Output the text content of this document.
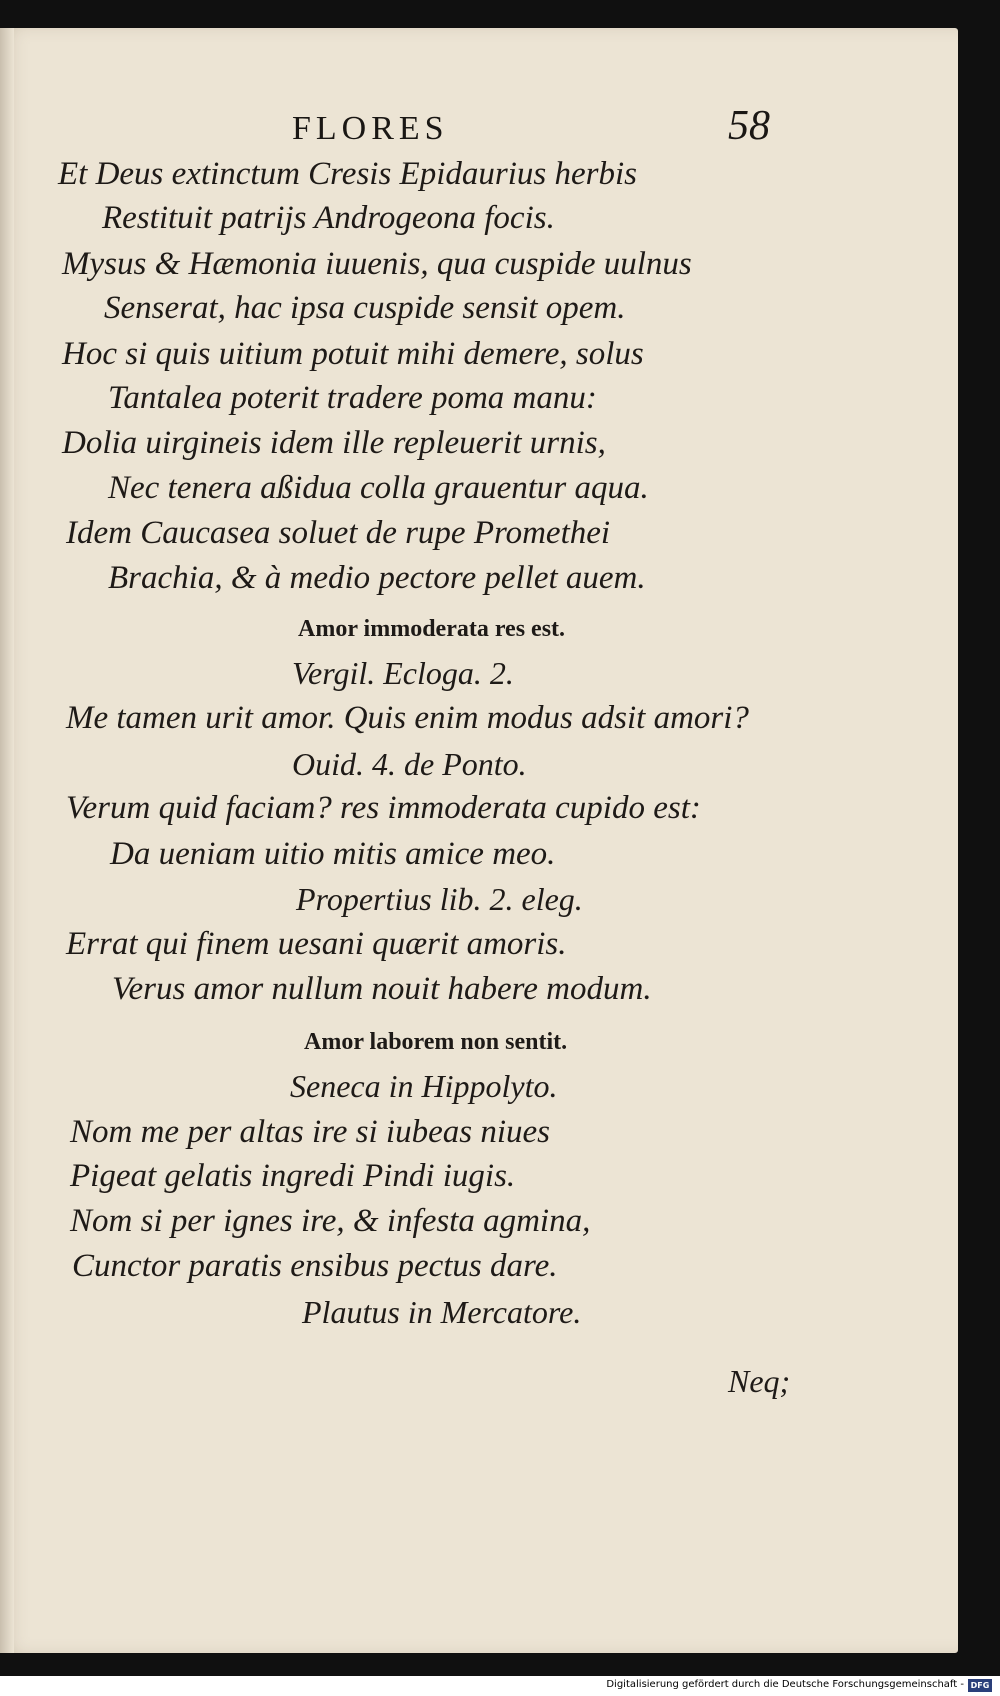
FLORES	58
Et Deus extinctum Cresis Epidaurius herbis
Restituit patrijs Androgeona focis.
Mysus & Hæmonia iuuenis, qua cuspide uulnus
Senserat, hac ipsa cuspide sensit opem.
Hoc si quis uitium potuit mihi demere, solus
Tantalea poterit tradere poma manu:
Dolia uirgineis idem ille repleuerit urnis,
Nec tenera aßidua colla grauentur aqua.
Idem Caucasea soluet de rupe Promethei
Brachia, & à medio pectore pellet auem.
Amor immoderata res est.
Vergil. Ecloga. 2.
Me tamen urit amor. Quis enim modus adsit amori?
Ouid. 4. de Ponto.
Verum quid faciam? res immoderata cupido est:
Da ueniam uitio mitis amice meo.
Propertius lib. 2. eleg.
Errat qui finem uesani quærit amoris.
Verus amor nullum nouit habere modum.
Amor laborem non sentit.
Seneca in Hippolyto.
Nom me per altas ire si iubeas niues
Pigeat gelatis ingredi Pindi iugis.
Nom si per ignes ire, & infesta agmina,
Cunctor paratis ensibus pectus dare.
Plautus in Mercatore.
Neq;
Digitalisierung gefördert durch die Deutsche Forschungsgemeinschaft - DFG
